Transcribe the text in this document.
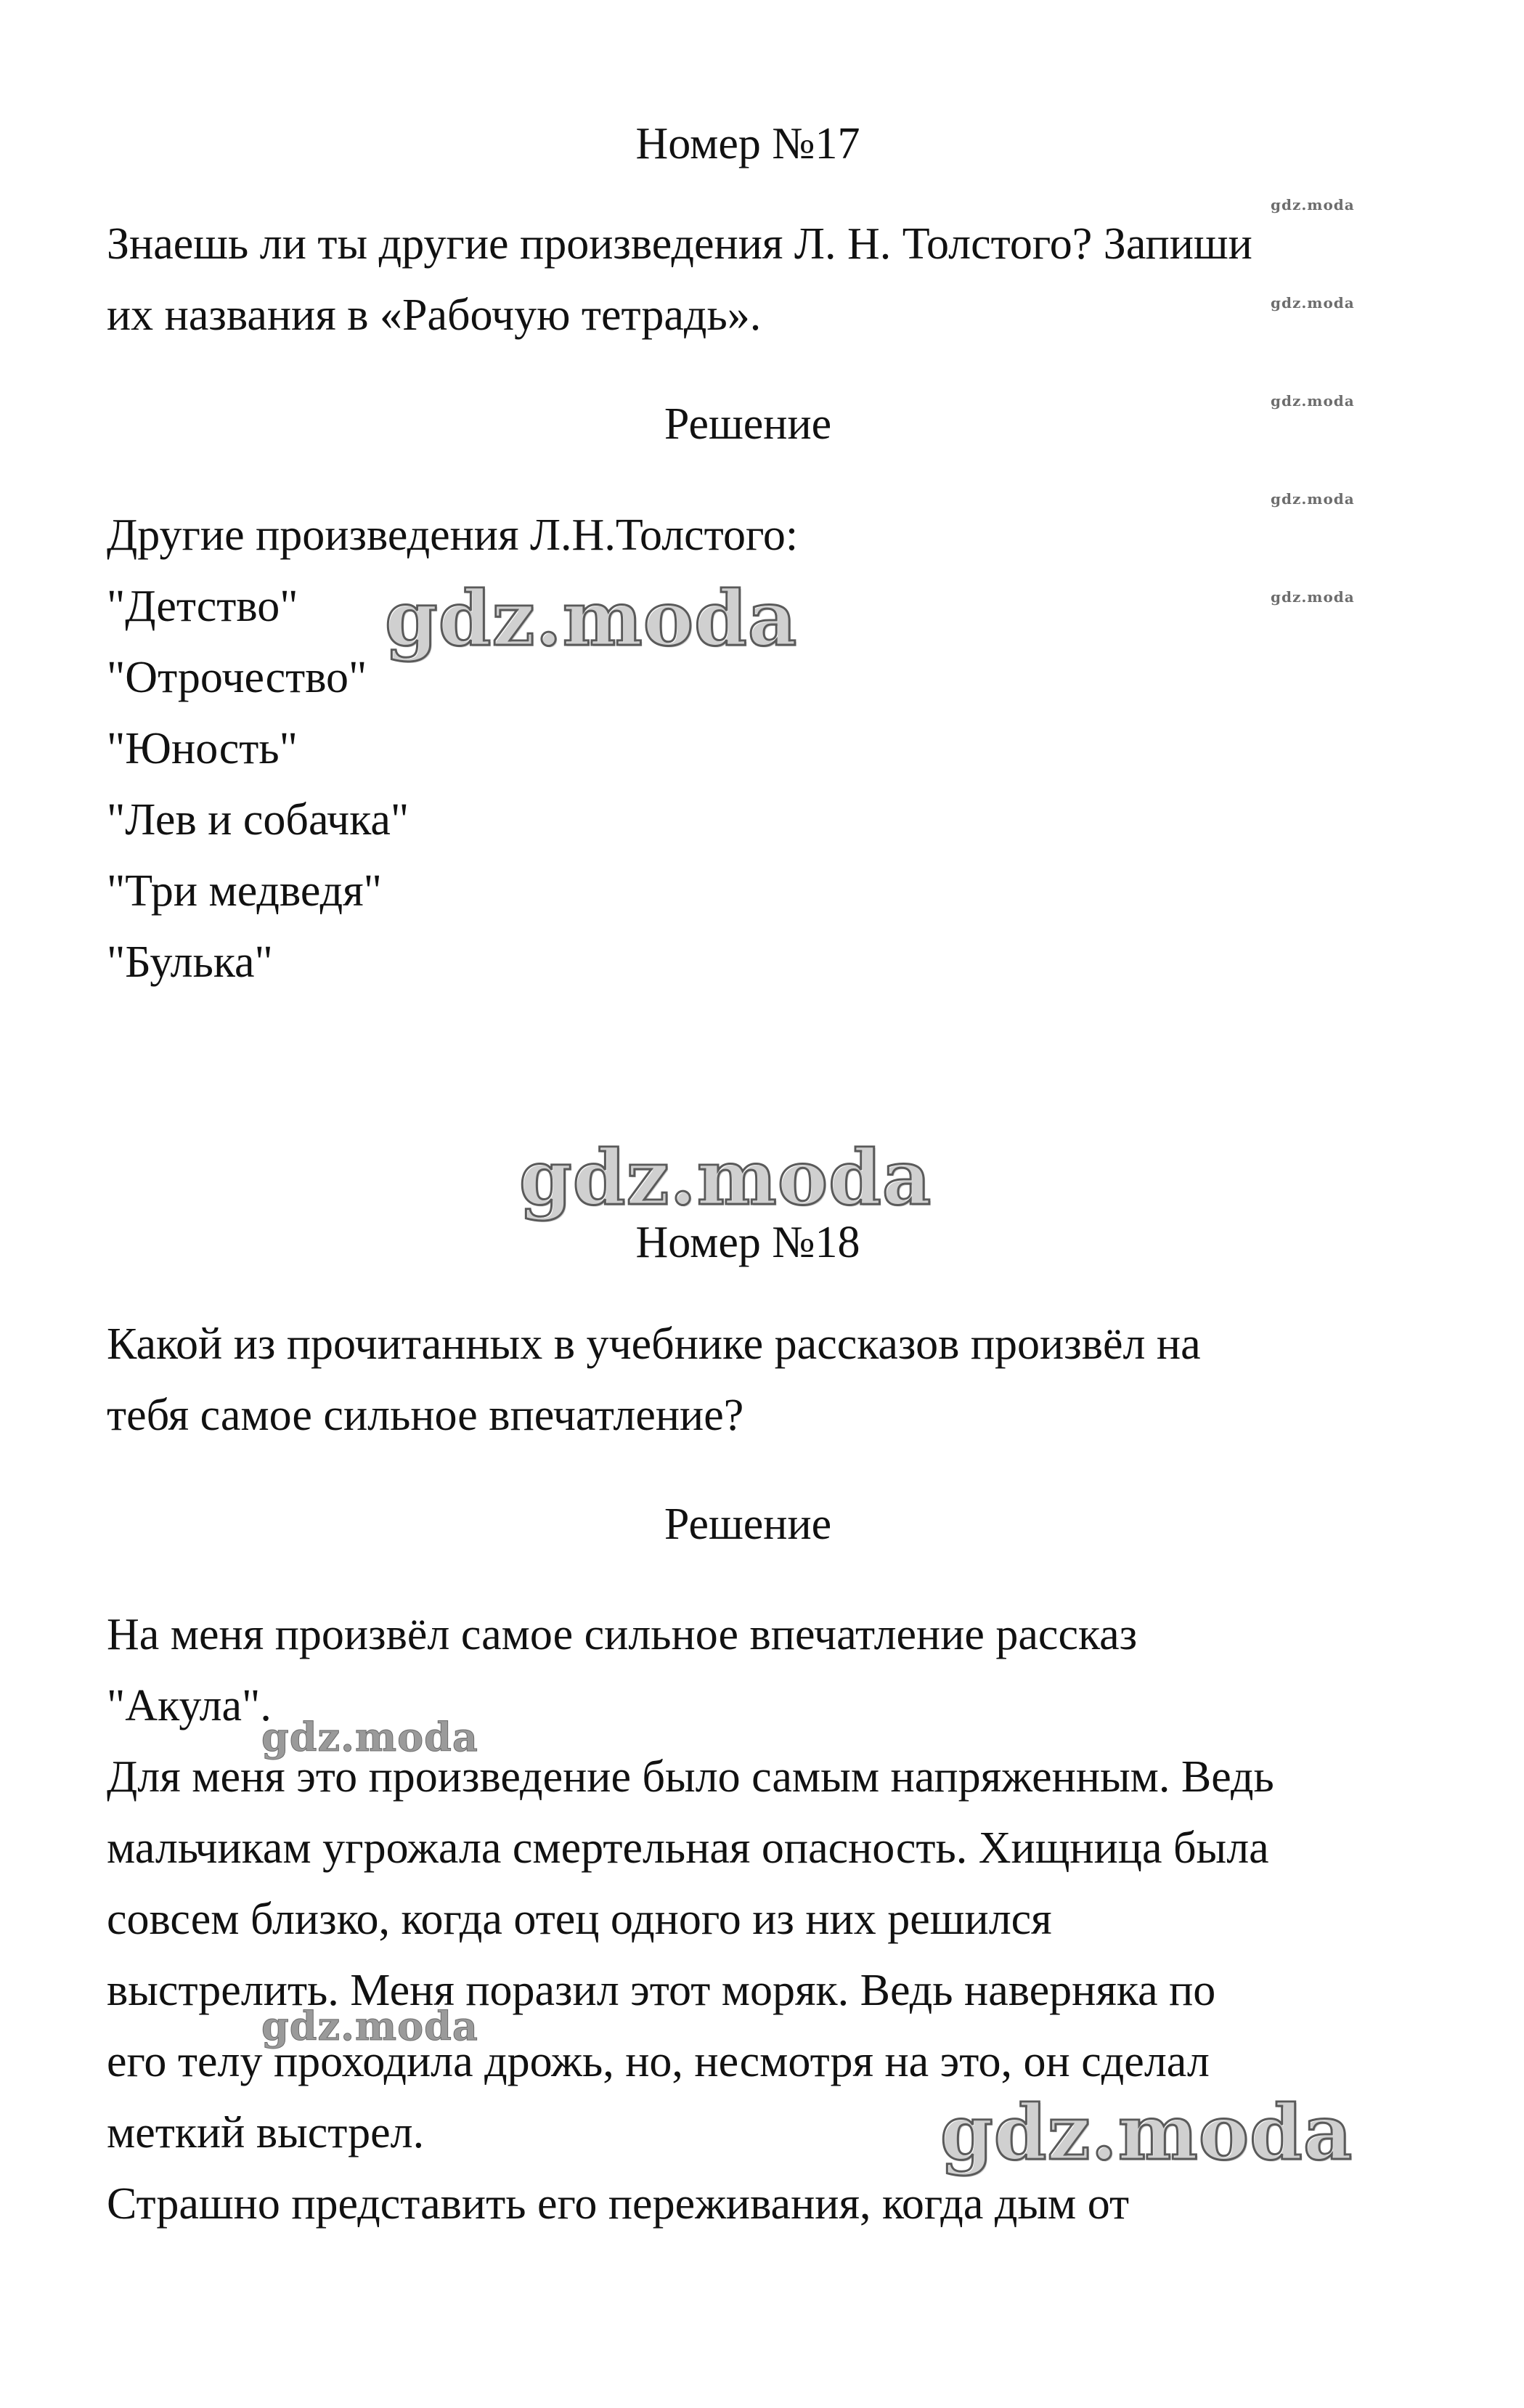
Номер №17
Знаешь ли ты другие произведения Л. Н. Толстого? Запиши
их названия в «Рабочую тетрадь».
Решение
Другие произведения Л.Н.Толстого:
"Детство"
"Отрочество"
"Юность"
"Лев и собачка"
"Три медведя"
"Булька"
Номер №18
Какой из прочитанных в учебнике рассказов произвёл на
тебя самое сильное впечатление?
Решение
На меня произвёл самое сильное впечатление рассказ
"Акула".
Для меня это произведение было самым напряженным. Ведь
мальчикам угрожала смертельная опасность. Хищница была
совсем близко, когда отец одного из них решился
выстрелить. Меня поразил этот моряк. Ведь наверняка по
его телу проходила дрожь, но, несмотря на это, он сделал
меткий выстрел.
Страшно представить его переживания, когда дым от
gdz.moda
gdz.moda
gdz.moda
gdz.moda
gdz.moda
gdz.moda
gdz.moda
gdz.moda
gdz.moda
gdz.moda
